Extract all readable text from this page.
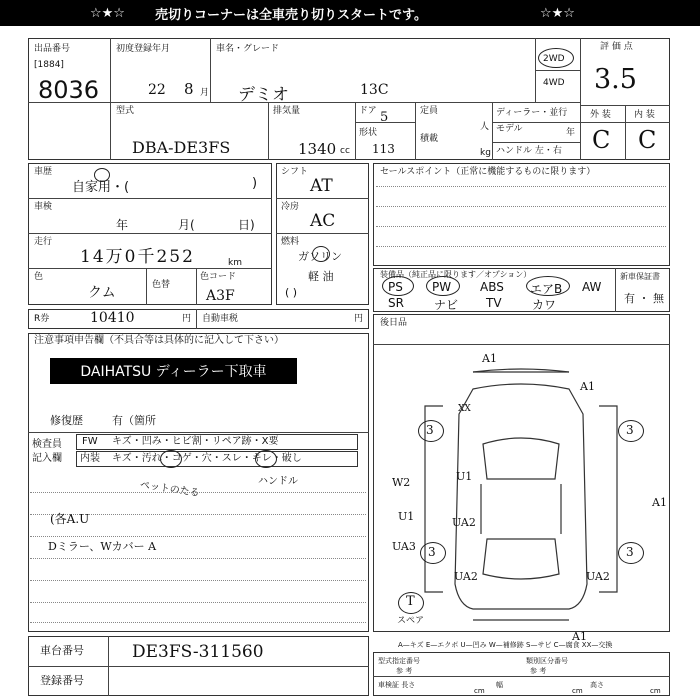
☆★☆ 売切りコーナーは全車売り切りスタートです。	☆★☆
出品番号
[1884]
8036
初度登録年月
22 8 月
車名・グレード
デミオ	13C
2WD
4WD
評 価 点
3.5
外 装	内 装
C C
型式
DBA-DE3FS
排気量
1340 cc
ドア 5
形状
113
定員
人
積載
kg
ディーラー・並行
モデル	年
ハンドル 左・右
車歴
自家用・(	)
車検
年	月(	日)
走行
14万0千252	km
色
クム	色替
色コード
A3F
シフト
AT
冷房
AC
燃料
ガソリン
軽 油
( )
セールスポイント（正常に機能するものに限ります）
装備品（純正品に限ります／オプション）
PS PW ABS エアB AW
SR	ナビ TV	カワ
新車保証書
有 ・ 無
R券	10410	円 自動車税	円 後日品
注意事項申告欄（不具合等は具体的に記入して下さい）
DAIHATSU ディーラー下取車
修復歴	有（箇所
検査員
記入欄
FW キズ・凹み・ヒビ割・リペア跡・X要
内装 キズ・汚れ・コゲ・穴・スレ・キレ・破し
ペットのたる	ハンドル
(各A.U
Dミラー、Wカバー A
車台番号	DE3FS-311560
登録番号
3	3
3	3
A1
A1
A1
A1
XX
W2	U1
U1	UA2
UA2	UA2
UA3
T
スペア
A—キズ E—エクボ U—凹み W—補修跡 S—サビ C—腐食 XX—交換
型式指定番号
参 考
類別区分番号
参 考
車検証 長さ
cm
幅
cm
高さ
cm
